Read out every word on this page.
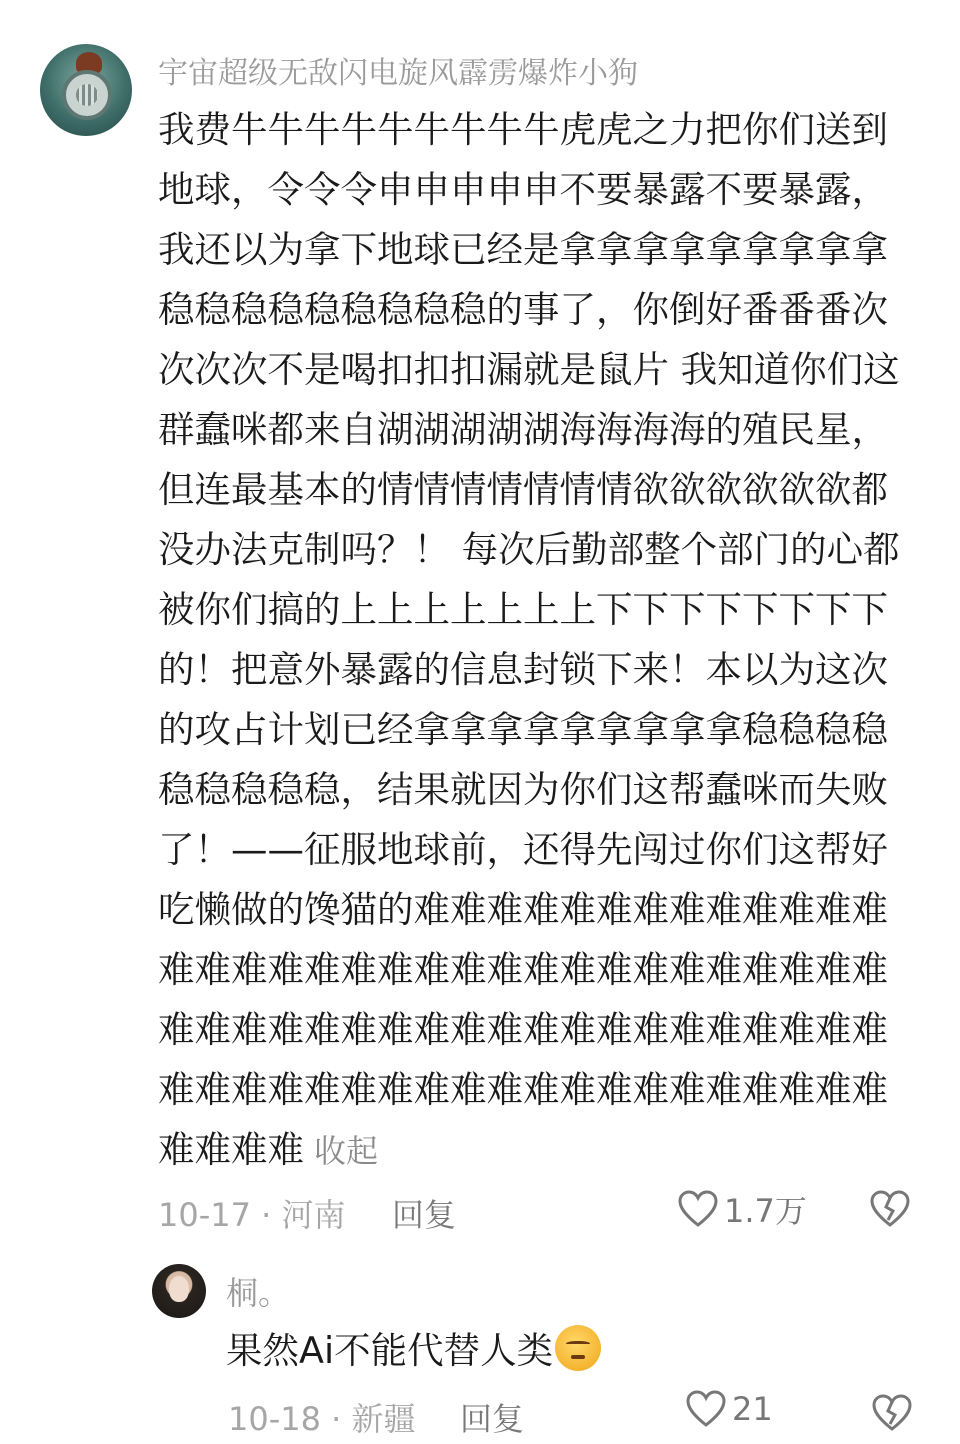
宇宙超级无敌闪电旋风霹雳爆炸小狗
我费牛牛牛牛牛牛牛牛牛虎虎之力把你们送到地球，令令令申申申申申不要暴露不要暴露，我还以为拿下地球已经是拿拿拿拿拿拿拿拿拿稳稳稳稳稳稳稳稳稳的事了，你倒好番番番次次次次不是喝扣扣扣漏就是鼠片 我知道你们这群蠢咪都来自湖湖湖湖湖海海海海的殖民星，但连最基本的情情情情情情情欲欲欲欲欲欲都没办法克制吗？！ 每次后勤部整个部门的心都被你们搞的上上上上上上上下下下下下下下下的！把意外暴露的信息封锁下来！本以为这次的攻占计划已经拿拿拿拿拿拿拿拿拿稳稳稳稳稳稳稳稳稳，结果就因为你们这帮蠢咪而失败了！——征服地球前，还得先闯过你们这帮好吃懒做的馋猫的难难难难难难难难难难难难难难难难难难难难难难难难难难难难难难难难难难难难难难难难难难难难难难难难难难难难难难难难难难难难难难难难难难难难难难难难难难难难难 收起
10-17 · 河南 回复	1.7万
桐。
果然Ai不能代替人类
10-18 · 新疆 回复	21
